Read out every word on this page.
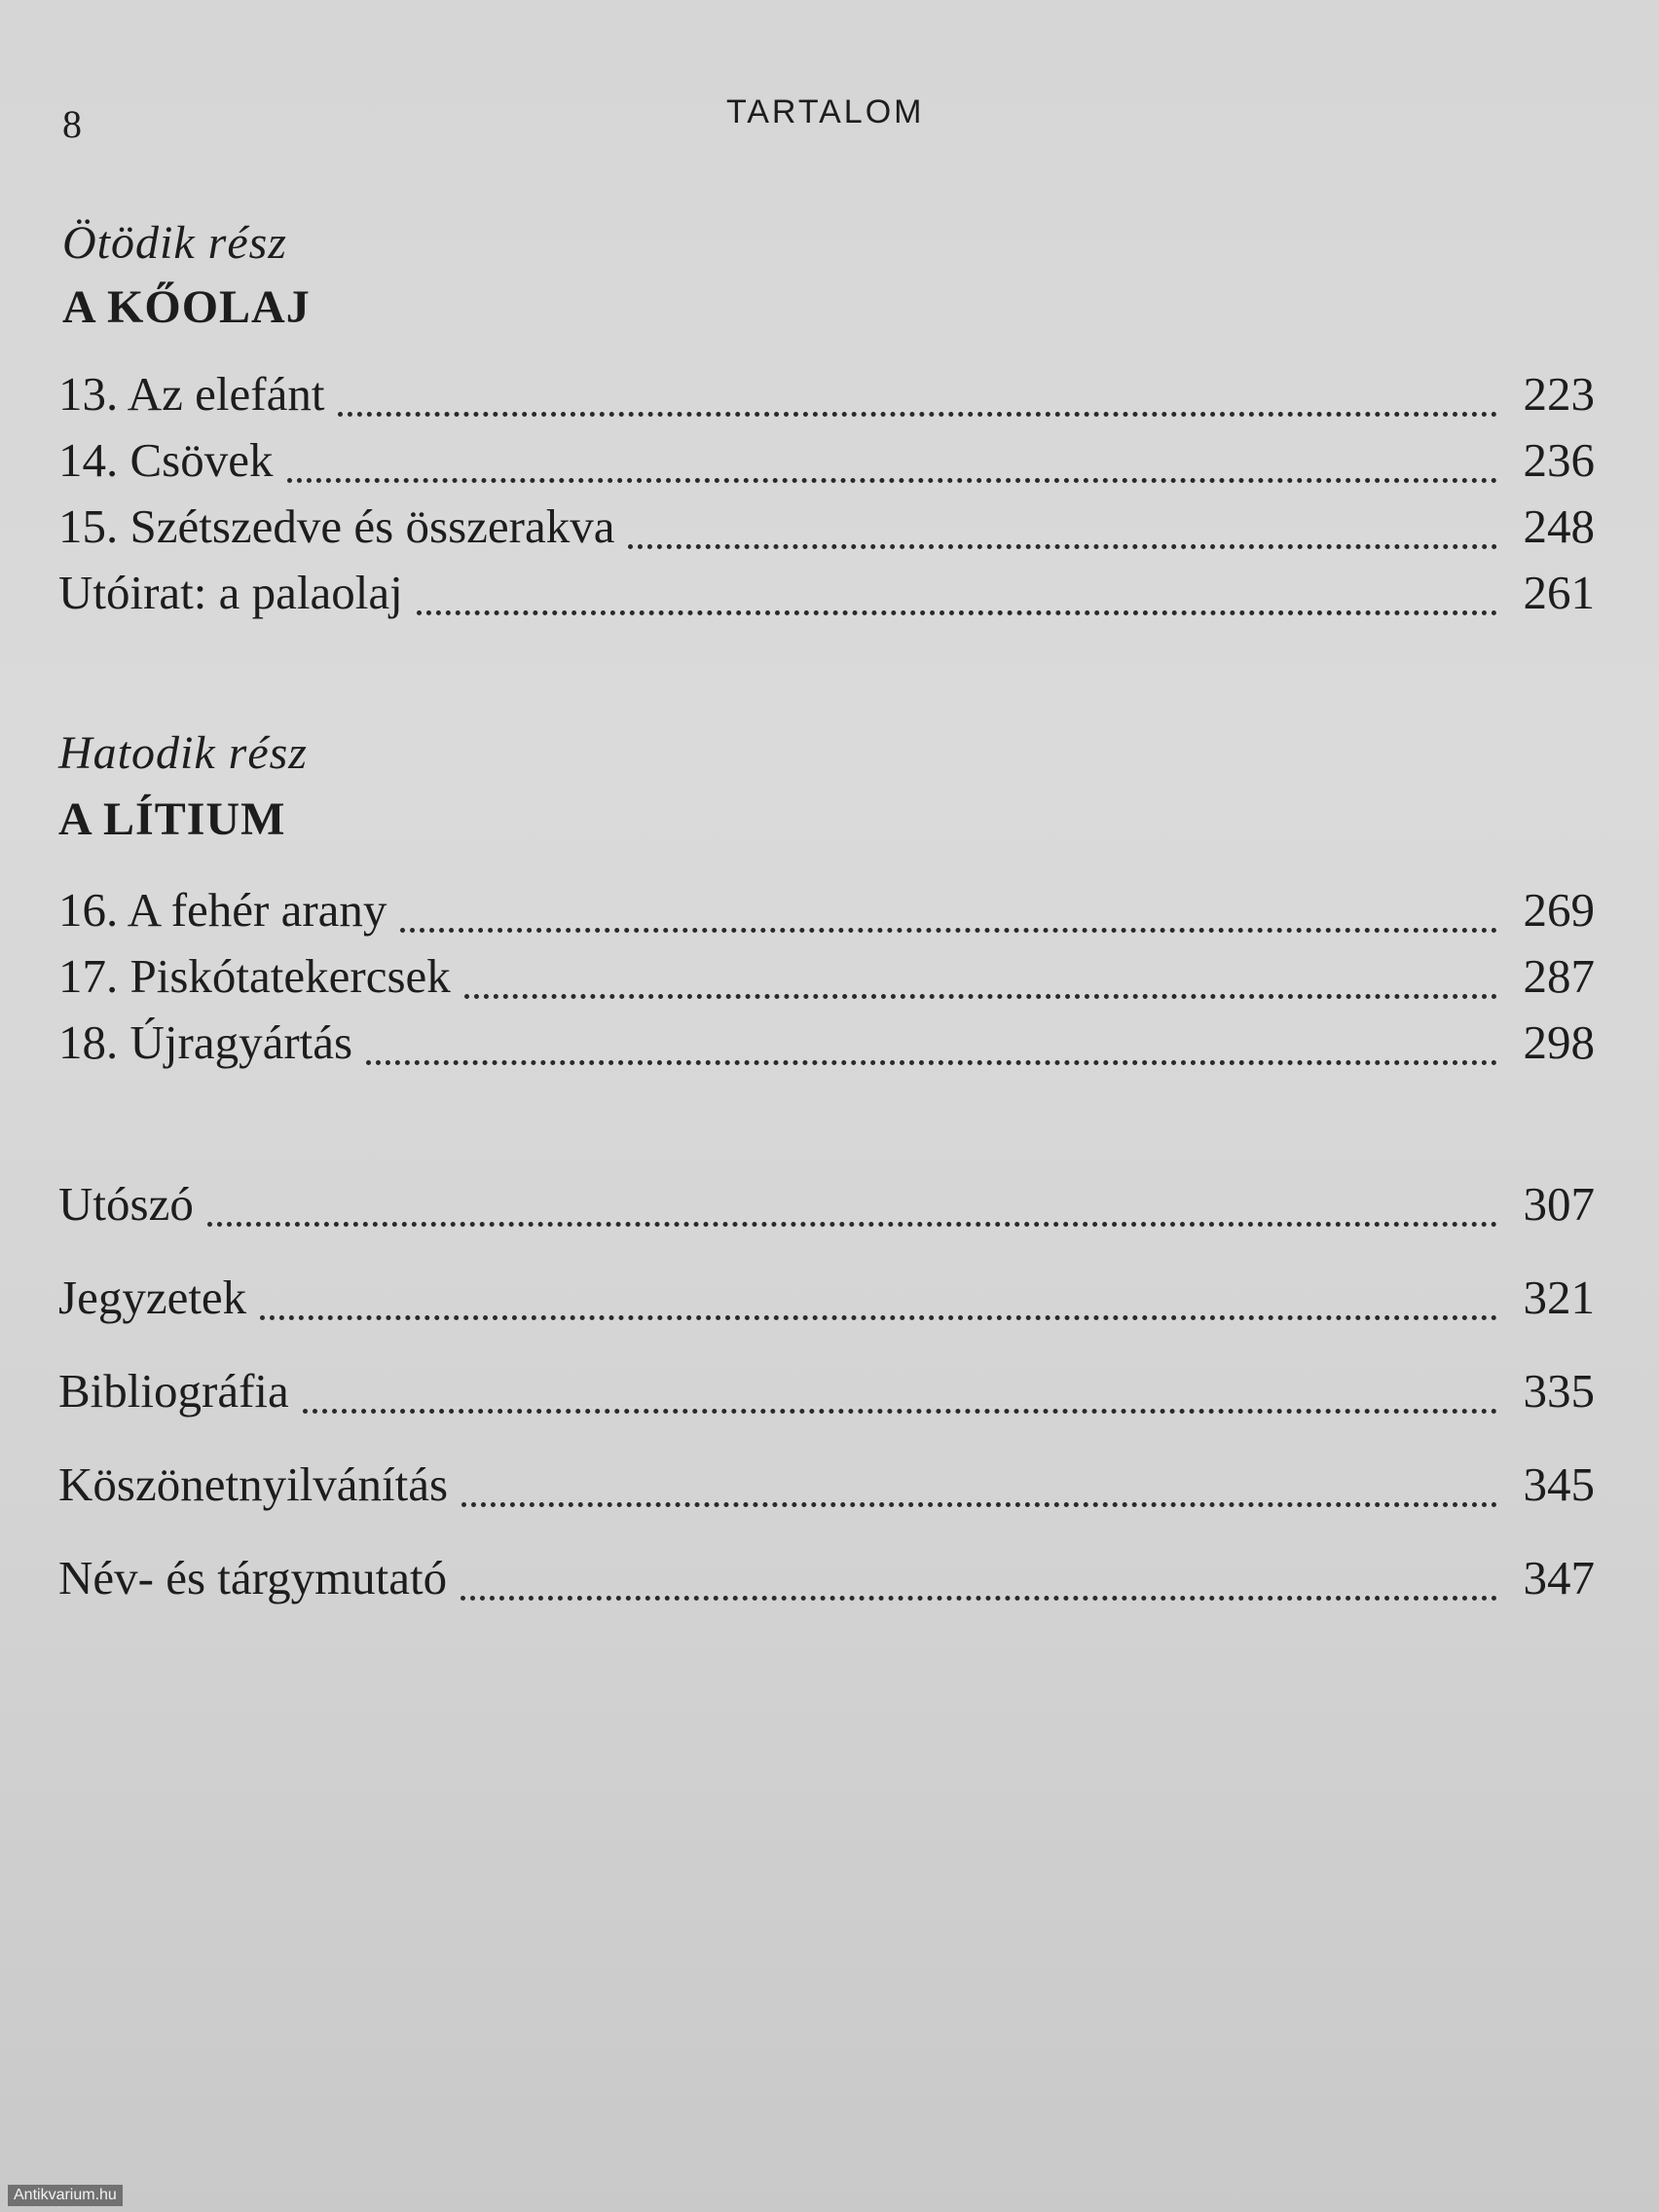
8	TARTALOM
Ötödik rész
A KŐOLAJ
13. Az elefánt	223
14. Csövek	236
15. Szétszedve és összerakva	248
Utóirat: a palaolaj	261
Hatodik rész
A LÍTIUM
16. A fehér arany	269
17. Piskótatekercsek	287
18. Újragyártás	298
Utószó	307
Jegyzetek	321
Bibliográfia	335
Köszönetnyilvánítás	345
Név- és tárgymutató	347
Antikvarium.hu
